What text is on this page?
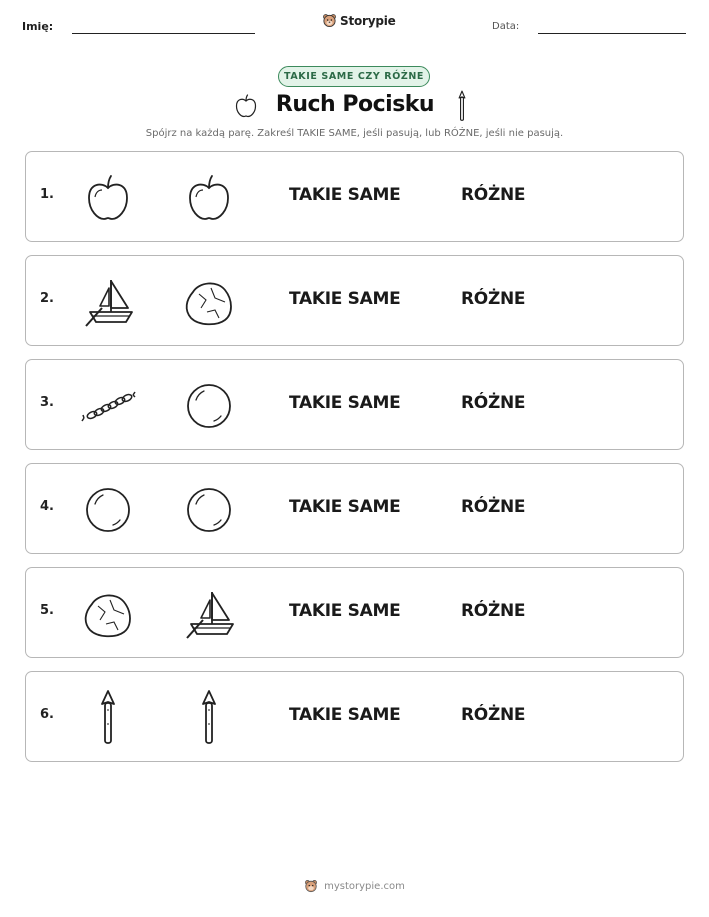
Imię:	Storypie	Data:
TAKIE SAME CZY RÓŻNE
Ruch Pocisku
Spójrz na każdą parę. Zakreśl TAKIE SAME, jeśli pasują, lub RÓŻNE, jeśli nie pasują.
1.	TAKIE SAME	RÓŻNE
2.	TAKIE SAME	RÓŻNE
3.	TAKIE SAME	RÓŻNE
4.	TAKIE SAME	RÓŻNE
5.	TAKIE SAME	RÓŻNE
6.	TAKIE SAME	RÓŻNE
mystorypie.com
